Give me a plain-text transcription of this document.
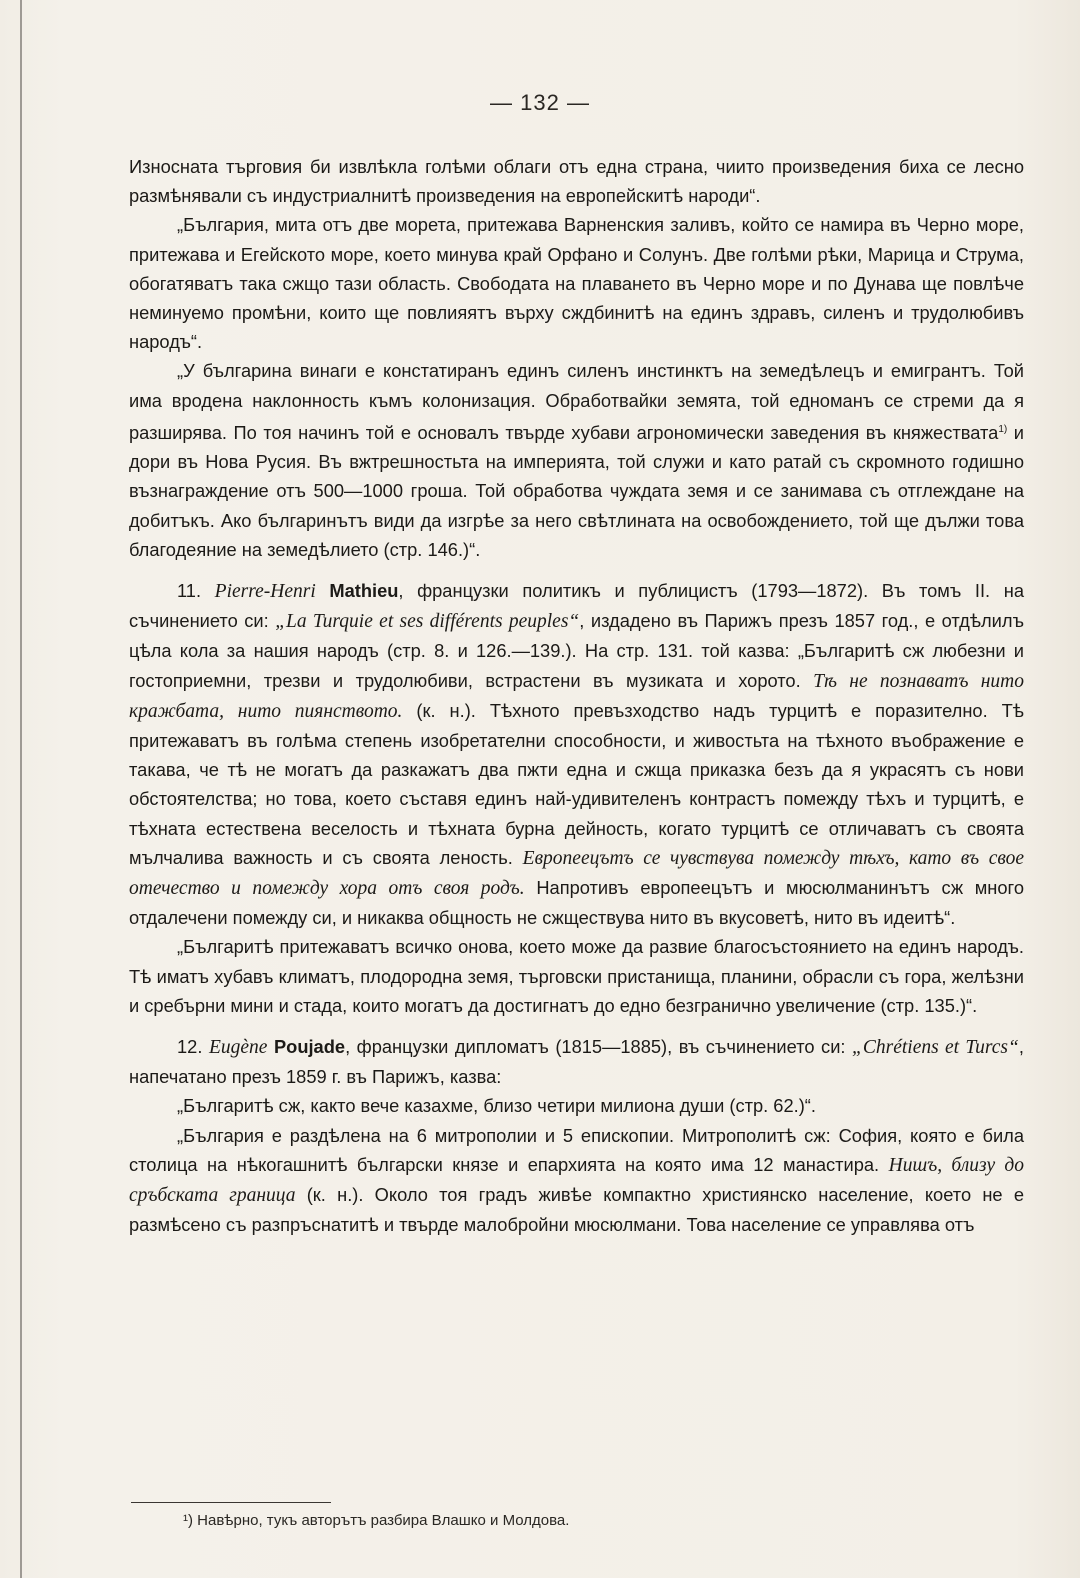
— 132 —

Износната търговия би извлѣкла голѣми облаги отъ една страна, чиито произведения биха се лесно размѣнявали съ индустриалнитѣ произведения на европейскитѣ народи“.

„България, мита отъ две морета, притежава Варненския заливъ, който се намира въ Черно море, притежава и Егейското море, което минува край Орфано и Солунъ. Две голѣми рѣки, Марица и Струма, обогатяватъ така сжщо тази область. Свободата на плаването въ Черно море и по Дунава ще повлѣче неминуемо промѣни, които ще повлияятъ върху сждбинитѣ на единъ здравъ, силенъ и трудолюбивъ народъ“.

„У българина винаги е констатиранъ единъ силенъ инстинктъ на земедѣлецъ и емигрантъ. Той има вродена наклонность къмъ колонизация. Обработвайки земята, той едноманъ се стреми да я разширява. По тоя начинъ той е основалъ твърде хубави агрономически заведения въ княжествата$^{1)}$ и дори въ Нова Русия. Въ вжтрешностьта на империята, той служи и като ратай съ скромното годишно възнаграждение отъ 500—1000 гроша. Той обработва чуждата земя и се занимава съ отглеждане на добитъкъ. Ако българинътъ види да изгрѣе за него свѣтлината на освобождението, той ще дължи това благодеяние на земедѣлието (стр. 146.)“.

11. Pierre-Henri Mathieu, французки политикъ и публицистъ (1793—1872). Въ томъ II. на съчинението си: „La Turquie et ses différents peuples“, издадено въ Парижъ презъ 1857 год., е отдѣлилъ цѣла кола за нашия народъ (стр. 8. и 126.—139.). На стр. 131. той казва: „Българитѣ сж любезни и гостоприемни, трезви и трудолюбиви, встрастени въ музиката и хорото. Тѣ не познаватъ нито кражбата, нито пиянството. (к. н.). Тѣхното превъзходство надъ турцитѣ е поразително. Тѣ притежаватъ въ голѣма степень изобретателни способности, и живостьта на тѣхното въображение е такава, че тѣ не могатъ да разкажатъ два пжти една и сжща приказка безъ да я украсятъ съ нови обстоятелства; но това, което съставя единъ най-удивителенъ контрастъ помежду тѣхъ и турцитѣ, е тѣхната естествена веселость и тѣхната бурна дейность, когато турцитѣ се отличаватъ съ своята мълчалива важность и съ своята леность. Европеецътъ се чувствува помежду тѣхъ, като въ свое отечество и помежду хора отъ своя родъ. Напротивъ европеецътъ и мюсюлманинътъ сж много отдалечени помежду си, и никаква общность не сжществува нито въ вкусоветѣ, нито въ идеитѣ“.

„Българитѣ притежаватъ всичко онова, което може да развие благосъстоянието на единъ народъ. Тѣ иматъ хубавъ климатъ, плодородна земя, търговски пристанища, планини, обрасли съ гора, желѣзни и сребърни мини и стада, които могатъ да достигнатъ до едно безгранично увеличение (стр. 135.)“.

12. Eugène Poujade, французки дипломатъ (1815—1885), въ съчинението си: „Chrétiens et Turcs“, напечатано презъ 1859 г. въ Парижъ, казва:

„Българитѣ сж, както вече казахме, близо четири милиона души (стр. 62.)“.

„България е раздѣлена на 6 митрополии и 5 епископии. Митрополитѣ сж: София, която е била столица на нѣкогашнитѣ български князе и епархията на която има 12 манастира. Нишъ, близу до сръбската граница (к. н.). Около тоя градъ живѣе компактно християнско население, което не е размѣсено съ разпръснатитѣ и твърде малобройни мюсюлмани. Това население се управлява отъ

¹) Навѣрно, тукъ авторътъ разбира Влашко и Молдова.
